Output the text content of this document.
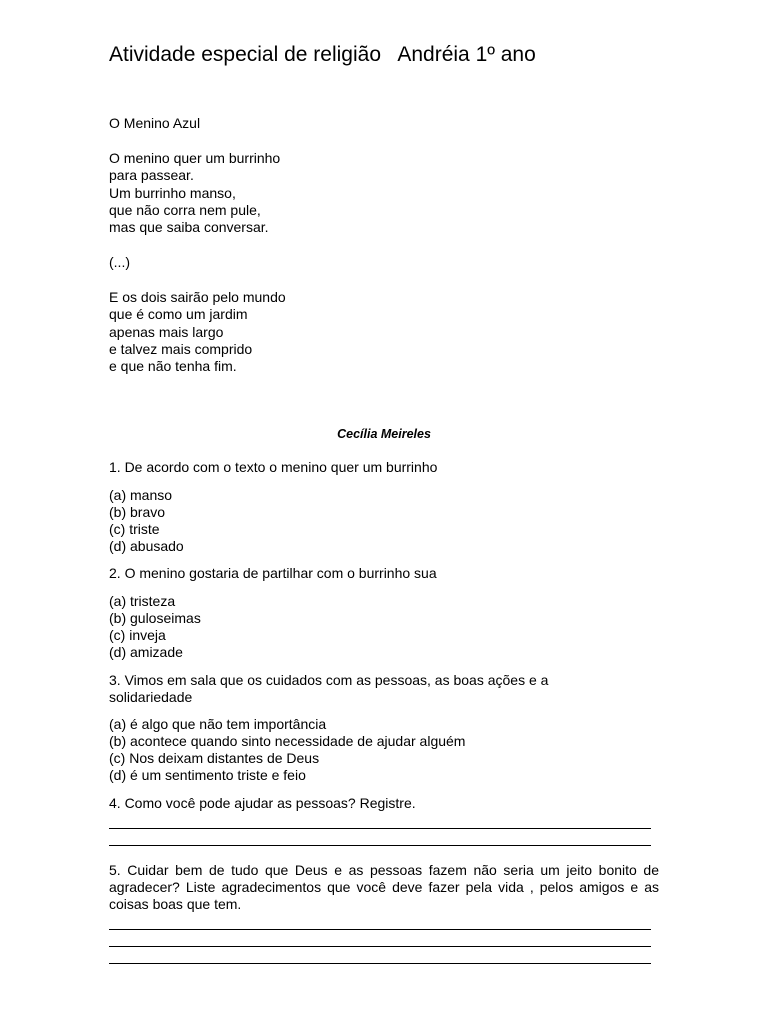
Atividade especial de religião   Andréia 1º ano
O Menino Azul
O menino quer um burrinho
para passear.
Um burrinho manso,
que não corra nem pule,
mas que saiba conversar.
(...)
E os dois sairão pelo mundo
que é como um jardim
apenas mais largo
e talvez mais comprido
e que não tenha fim.
Cecília Meireles
1. De acordo com o texto o menino quer um burrinho
(a) manso
(b) bravo
(c) triste
(d) abusado
2. O menino gostaria de partilhar com o burrinho sua
(a) tristeza
(b) guloseimas
(c) inveja
(d) amizade
3. Vimos em sala que os cuidados com as pessoas, as boas ações e a
solidariedade
(a) é algo que não tem importância
(b) acontece quando sinto necessidade de ajudar alguém
(c) Nos deixam distantes de Deus
(d) é um sentimento triste e feio
4. Como você pode ajudar as pessoas? Registre.
5. Cuidar bem de tudo que Deus e as pessoas fazem não seria um jeito bonito de agradecer? Liste agradecimentos que você deve fazer pela vida , pelos amigos e as coisas boas que tem.
